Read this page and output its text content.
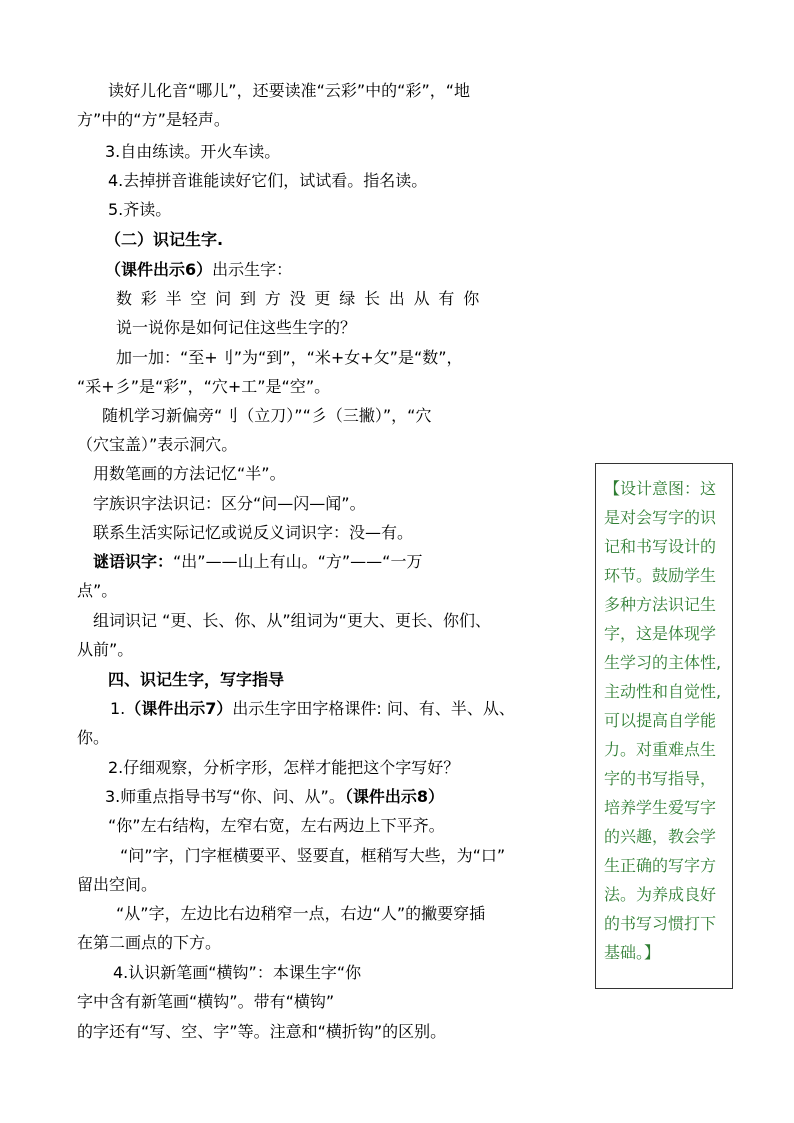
读好儿化音“哪儿”，还要读准“云彩”中的“彩”，“地
方”中的“方”是轻声。
3.自由练读。开火车读。
4.去掉拼音谁能读好它们，试试看。指名读。
5.齐读。
（二）识记生字.
（课件出示6）出示生字：
数彩半空问到方没更绿长出从有你
说一说你是如何记住这些生字的？
加一加：“至+刂”为“到”，“米+女+攵”是“数”，
“采+彡”是“彩”，“穴+工”是“空”。
随机学习新偏旁“刂（立刀）”“彡（三撇）”，“穴
（穴宝盖）”表示洞穴。
用数笔画的方法记忆“半”。
字族识字法识记：区分“问—闪—闻”。
联系生活实际记忆或说反义词识字：没—有。
谜语识字：“出”——山上有山。“方”——“一万
点”。
组词识记 “更、长、你、从”组词为“更大、更长、你们、
从前”。
四、识记生字，写字指导
1.（课件出示7）出示生字田字格课件: 问、有、半、从、
你。
2.仔细观察，分析字形，怎样才能把这个字写好？
3.师重点指导书写“你、问、从”。（课件出示8）
“你”左右结构，左窄右宽，左右两边上下平齐。
“问”字，门字框横要平、竖要直，框稍写大些，为“口”
留出空间。
“从”字，左边比右边稍窄一点，右边“人”的撇要穿插
在第二画点的下方。
4.认识新笔画“横钩”：本课生字“你
字中含有新笔画“横钩”。带有“横钩”
的字还有“写、空、字”等。注意和“横折钩”的区别。
【设计意图：这
是对会写字的识
记和书写设计的
环节。鼓励学生
多种方法识记生
字，这是体现学
生学习的主体性,
主动性和自觉性,
可以提高自学能
力。对重难点生
字的书写指导，
培养学生爱写字
的兴趣，教会学
生正确的写字方
法。为养成良好
的书写习惯打下
基础。】
